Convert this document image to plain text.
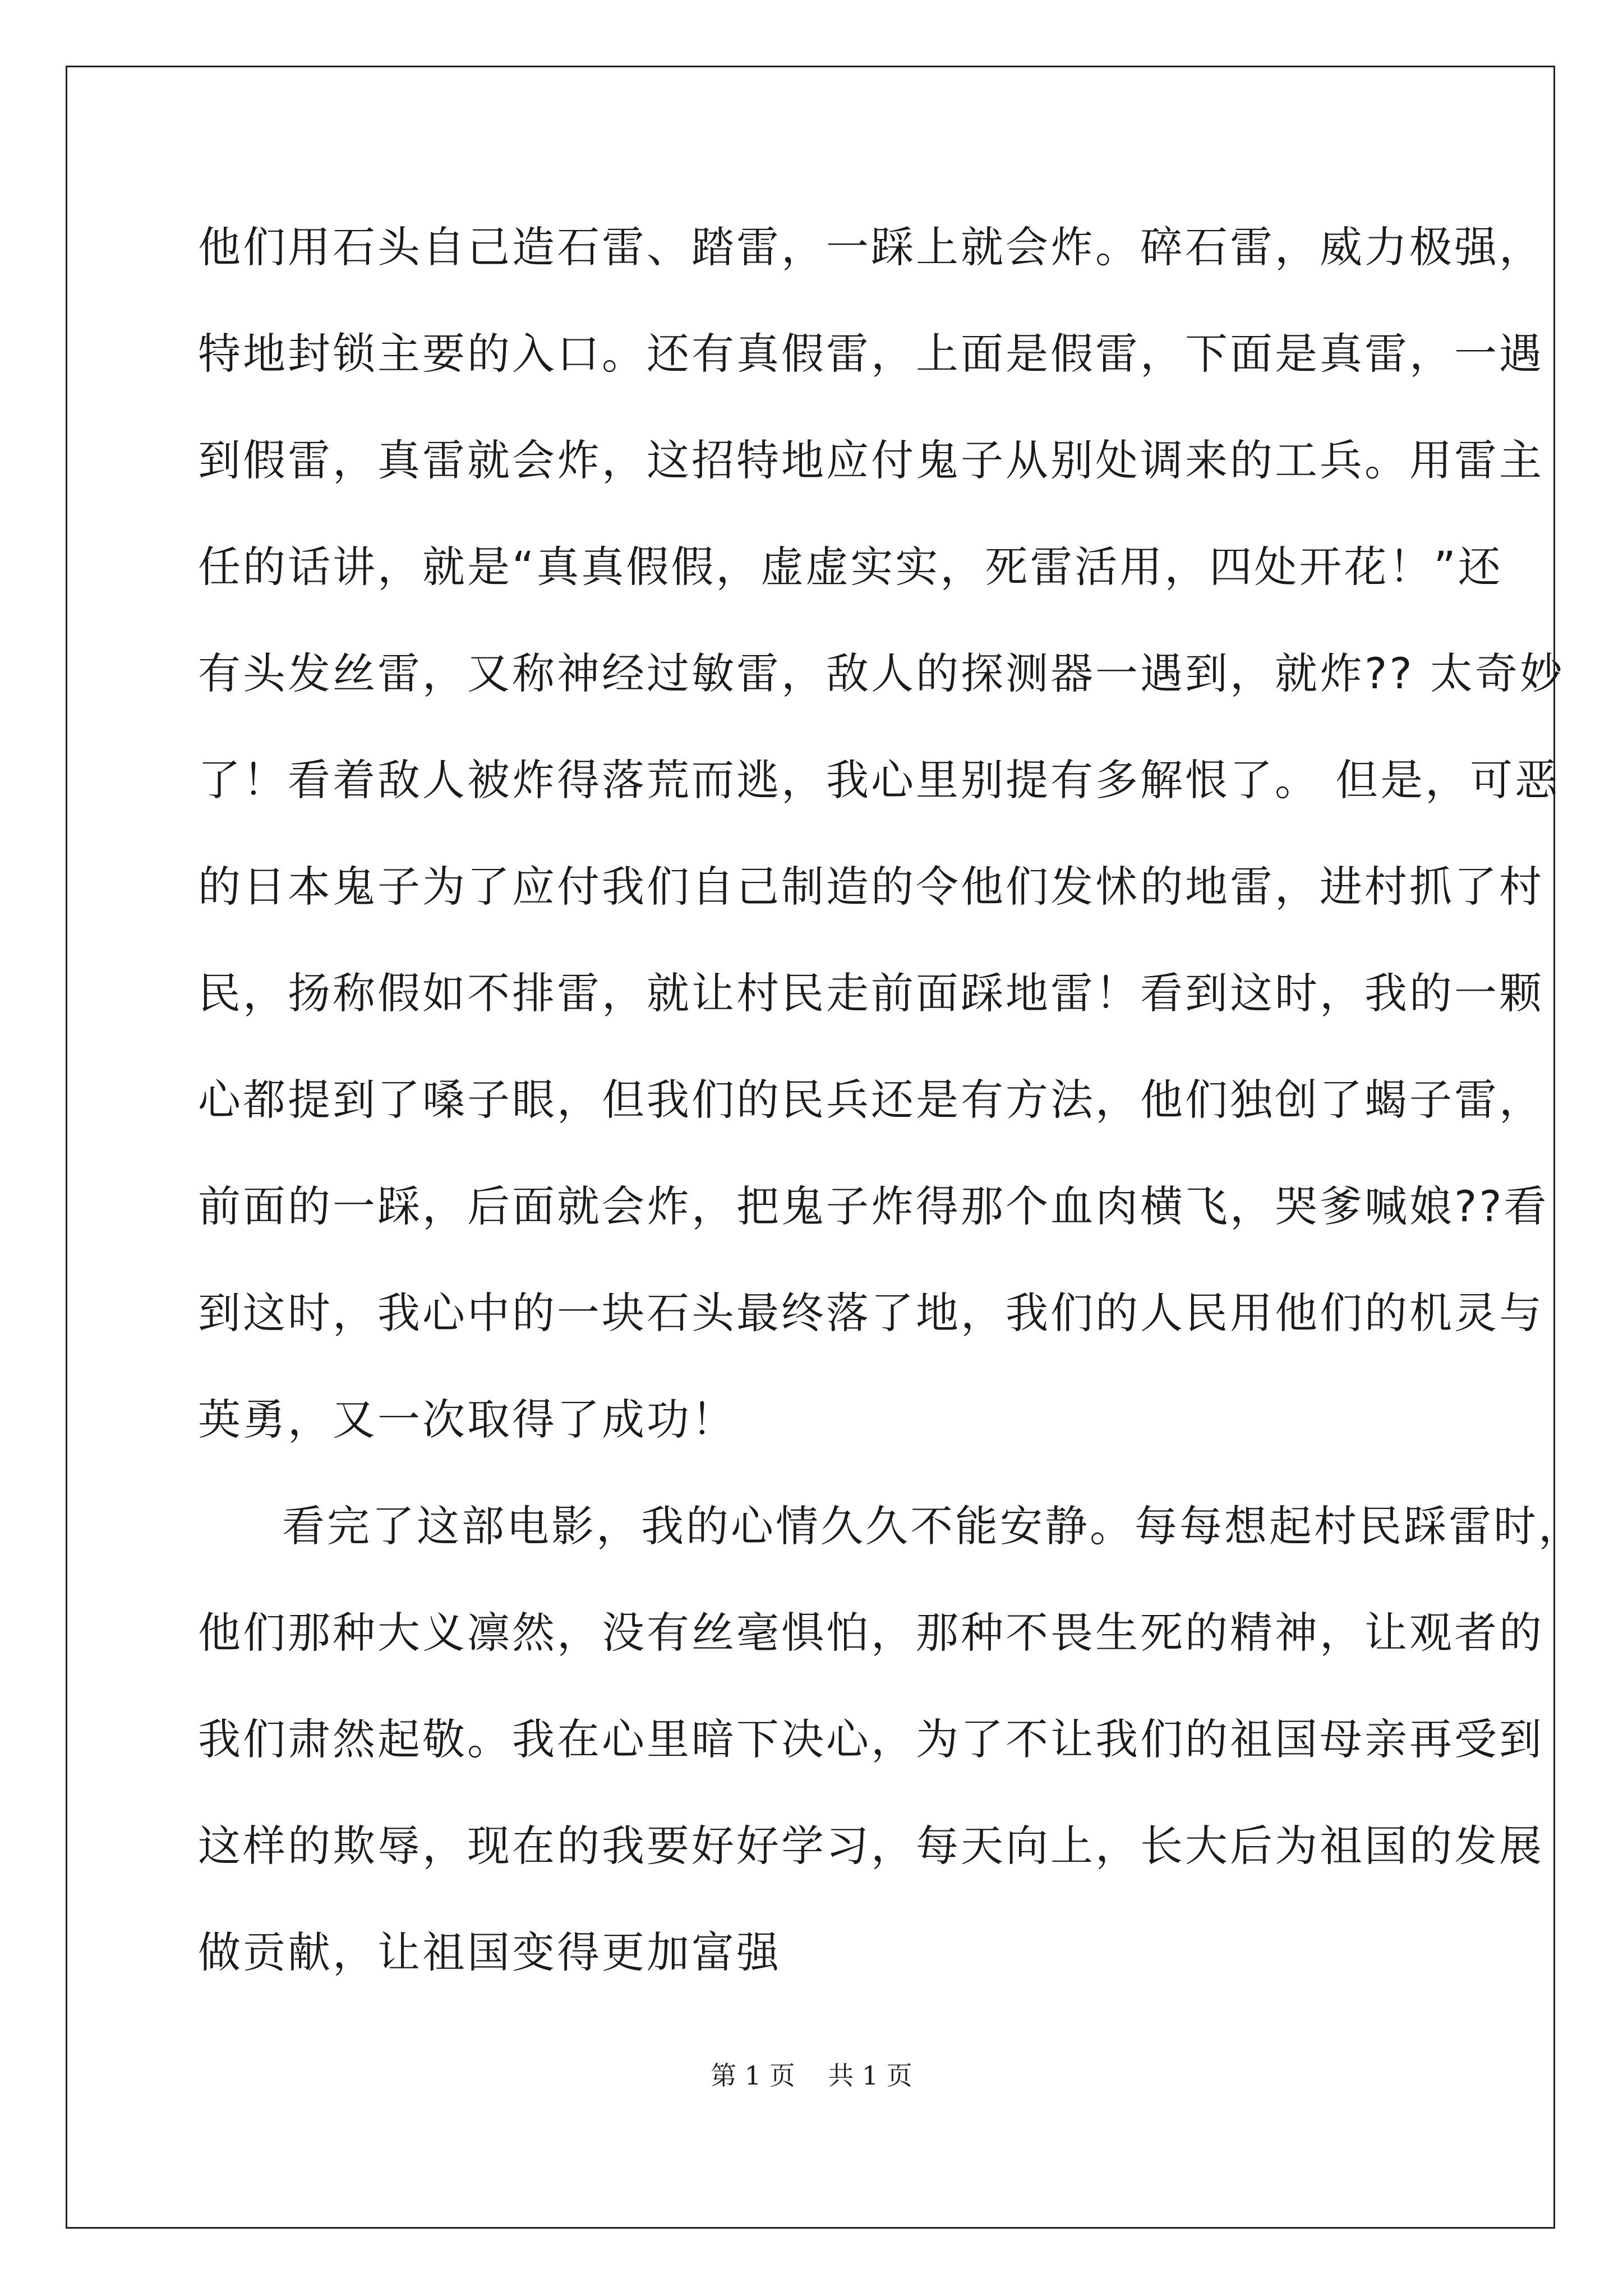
他们用石头自己造石雷、踏雷，一踩上就会炸。碎石雷，威力极强，
特地封锁主要的入口。还有真假雷，上面是假雷，下面是真雷，一遇
到假雷，真雷就会炸，这招特地应付鬼子从别处调来的工兵。用雷主
任的话讲，就是“真真假假，虚虚实实，死雷活用，四处开花！”还
有头发丝雷，又称神经过敏雷，敌人的探测器一遇到，就炸?? 太奇妙
了！看着敌人被炸得落荒而逃，我心里别提有多解恨了。 但是，可恶
的日本鬼子为了应付我们自己制造的令他们发怵的地雷，进村抓了村
民，扬称假如不排雷，就让村民走前面踩地雷！看到这时，我的一颗
心都提到了嗓子眼，但我们的民兵还是有方法，他们独创了蝎子雷，
前面的一踩，后面就会炸，把鬼子炸得那个血肉横飞，哭爹喊娘??看
到这时，我心中的一块石头最终落了地，我们的人民用他们的机灵与
英勇，又一次取得了成功！
看完了这部电影，我的心情久久不能安静。每每想起村民踩雷时，
他们那种大义凛然，没有丝毫惧怕，那种不畏生死的精神，让观者的
我们肃然起敬。我在心里暗下决心，为了不让我们的祖国母亲再受到
这样的欺辱，现在的我要好好学习，每天向上，长大后为祖国的发展
做贡献，让祖国变得更加富强
第 1 页 共 1 页
